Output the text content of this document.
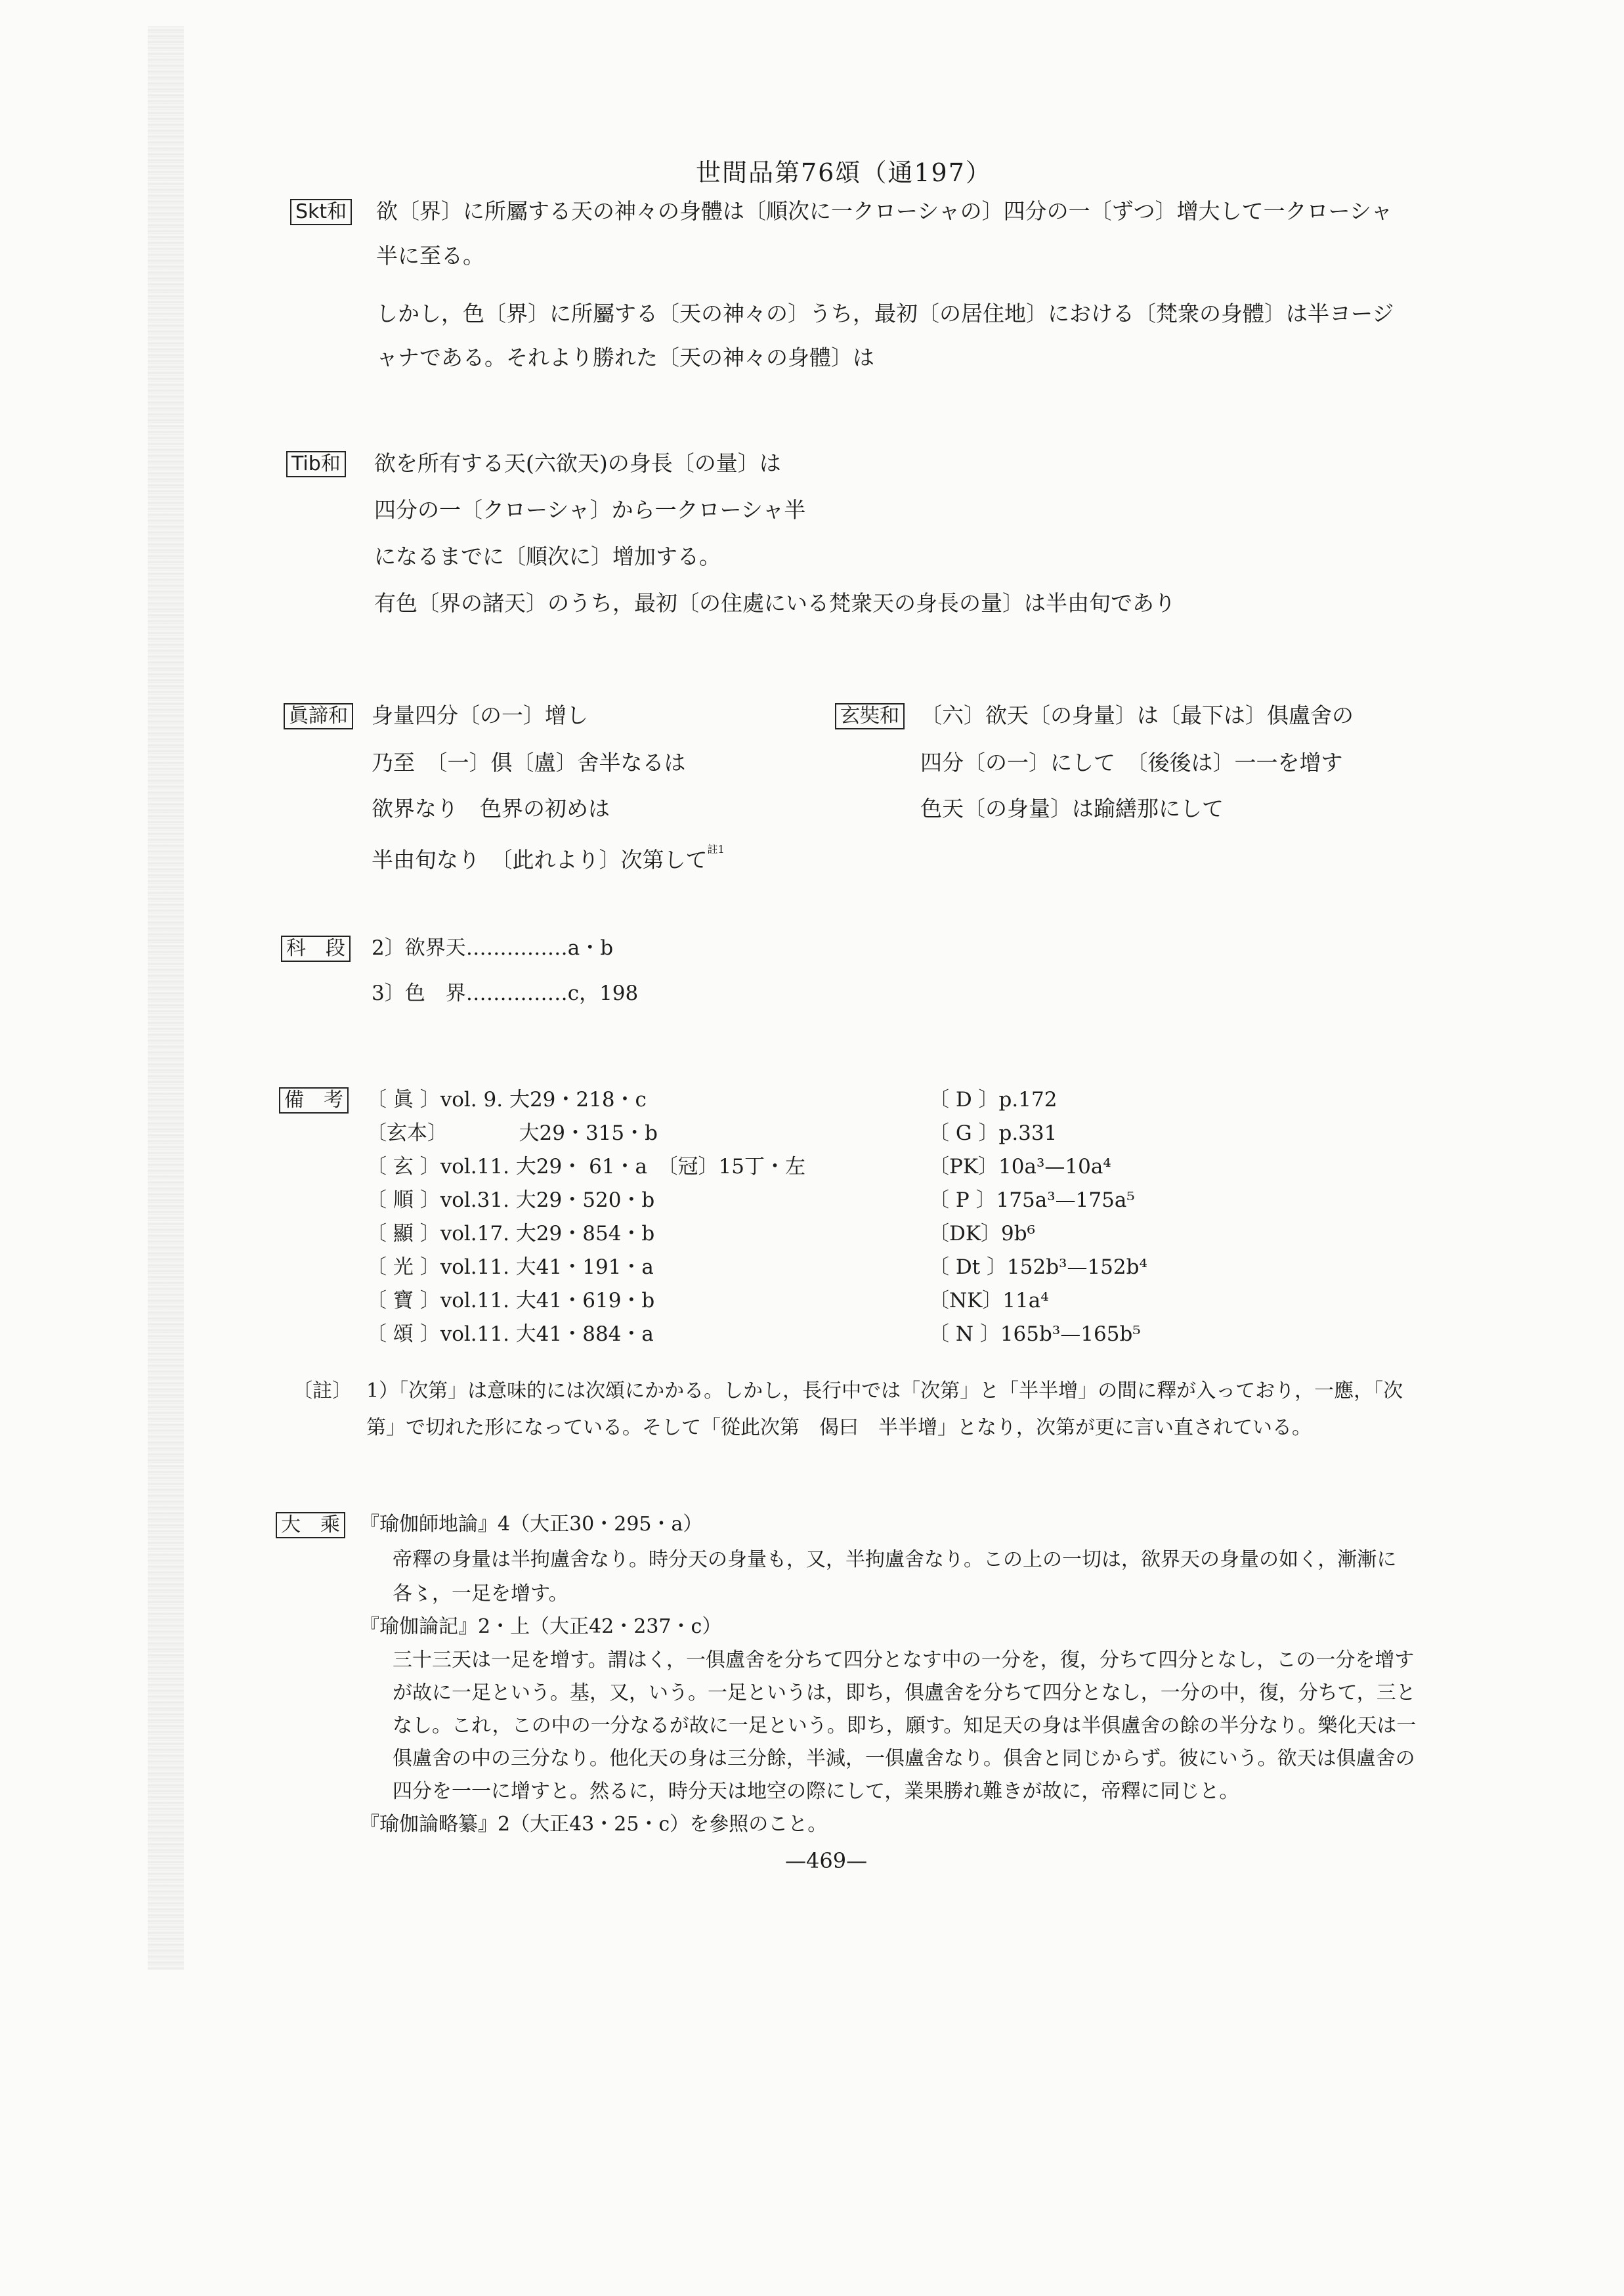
世間品第76頌（通197）
Skt和 欲〔界〕に所屬する天の神々の身體は〔順次に一クローシャの〕四分の一〔ずつ〕增大して一クローシャ
半に至る。
しかし，色〔界〕に所屬する〔天の神々の〕うち，最初〔の居住地〕における〔梵衆の身體〕は半ヨージ
ャナである。それより勝れた〔天の神々の身體〕は
Tib和 欲を所有する天(六欲天)の身長〔の量〕は
四分の一〔クローシャ〕から一クローシャ半
になるまでに〔順次に〕增加する。
有色〔界の諸天〕のうち，最初〔の住處にいる梵衆天の身長の量〕は半由旬であり
眞諦和 身量四分〔の一〕增し
乃至　〔一〕俱〔盧〕舍半なるは
欲界なり　色界の初めは
半由旬なり　〔此れより〕次第して$^{註1}$
玄奘和 〔六〕欲天〔の身量〕は〔最下は〕俱盧舍の
四分〔の一〕にして　〔後後は〕一一を增す
色天〔の身量〕は踰繕那にして
科　段 2〕欲界天……………a・b
3〕色　界……………c，198
備　考 〔 眞 〕vol. 9. 大29・218・c
〔玄本〕　　　　大29・315・b
〔 玄 〕vol.11. 大29・ 61・a　〔冠〕15丁・左
〔 順 〕vol.31. 大29・520・b
〔 顯 〕vol.17. 大29・854・b
〔 光 〕vol.11. 大41・191・a
〔 寶 〕vol.11. 大41・619・b
〔 頌 〕vol.11. 大41・884・a
〔 D 〕p.172
〔 G 〕p.331
〔PK〕10a³—10a⁴
〔 P 〕175a³—175a⁵
〔DK〕9b⁶
〔 Dt 〕152b³—152b⁴
〔NK〕11a⁴
〔 N 〕165b³—165b⁵
〔註〕 1）「次第」は意味的には次頌にかかる。しかし，長行中では「次第」と「半半增」の間に釋が入っており，一應，「次
第」で切れた形になっている。そして「從此次第　偈曰　半半增」となり，次第が更に言い直されている。
大　乘 『瑜伽師地論』4（大正30・295・a）
帝釋の身量は半拘盧舍なり。時分天の身量も，又，半拘盧舍なり。この上の一切は，欲界天の身量の如く，漸漸に
各〻，一足を增す。
『瑜伽論記』2・上（大正42・237・c）
三十三天は一足を增す。謂はく，一俱盧舍を分ちて四分となす中の一分を，復，分ちて四分となし，この一分を增す
が故に一足という。基，又，いう。一足というは，即ち，俱盧舍を分ちて四分となし，一分の中，復，分ちて，三と
なし。これ，この中の一分なるが故に一足という。即ち，願す。知足天の身は半俱盧舍の餘の半分なり。樂化天は一
俱盧舍の中の三分なり。他化天の身は三分餘，半減，一俱盧舍なり。俱舍と同じからず。彼にいう。欲天は俱盧舍の
四分を一一に增すと。然るに，時分天は地空の際にして，業果勝れ難きが故に，帝釋に同じと。
『瑜伽論略纂』2（大正43・25・c）を參照のこと。
—469—
